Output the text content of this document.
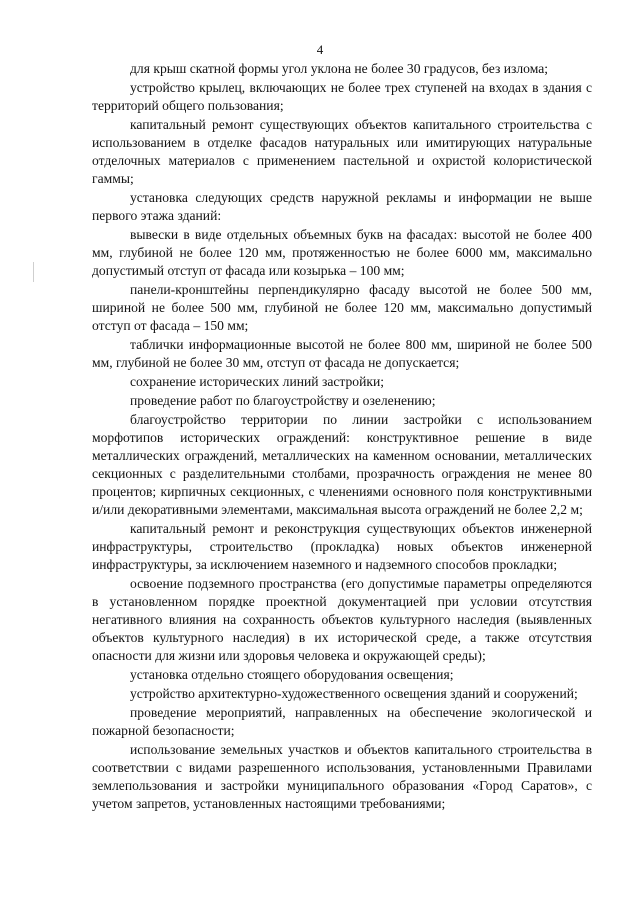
4

для крыш скатной формы угол уклона не более 30 градусов, без излома;

устройство крылец, включающих не более трех ступеней на входах в здания с территорий общего пользования;

капитальный ремонт существующих объектов капитального строительства с использованием в отделке фасадов натуральных или имитирующих натуральные отделочных материалов с применением пастельной и охристой колористической гаммы;

установка следующих средств наружной рекламы и информации не выше первого этажа зданий:

вывески в виде отдельных объемных букв на фасадах: высотой не более 400 мм, глубиной не более 120 мм, протяженностью не более 6000 мм, максимально допустимый отступ от фасада или козырька – 100 мм;

панели-кронштейны перпендикулярно фасаду высотой не более 500 мм, шириной не более 500 мм, глубиной не более 120 мм, максимально допустимый отступ от фасада – 150 мм;

таблички информационные высотой не более 800 мм, шириной не более 500 мм, глубиной не более 30 мм, отступ от фасада не допускается;

сохранение исторических линий застройки;

проведение работ по благоустройству и озеленению;

благоустройство территории по линии застройки с использованием морфотипов исторических ограждений: конструктивное решение в виде металлических ограждений, металлических на каменном основании, металлических секционных с разделительными столбами, прозрачность ограждения не менее 80 процентов; кирпичных секционных, с членениями основного поля конструктивными и/или декоративными элементами, максимальная высота ограждений не более 2,2 м;

капитальный ремонт и реконструкция существующих объектов инженерной инфраструктуры, строительство (прокладка) новых объектов инженерной инфраструктуры, за исключением наземного и надземного способов прокладки;

освоение подземного пространства (его допустимые параметры определяются в установленном порядке проектной документацией при условии отсутствия негативного влияния на сохранность объектов культурного наследия (выявленных объектов культурного наследия) в их исторической среде, а также отсутствия опасности для жизни или здоровья человека и окружающей среды);

установка отдельно стоящего оборудования освещения;

устройство архитектурно-художественного освещения зданий и сооружений;

проведение мероприятий, направленных на обеспечение экологической и пожарной безопасности;

использование земельных участков и объектов капитального строительства в соответствии с видами разрешенного использования, установленными Правилами землепользования и застройки муниципального образования «Город Саратов», с учетом запретов, установленных настоящими требованиями;
